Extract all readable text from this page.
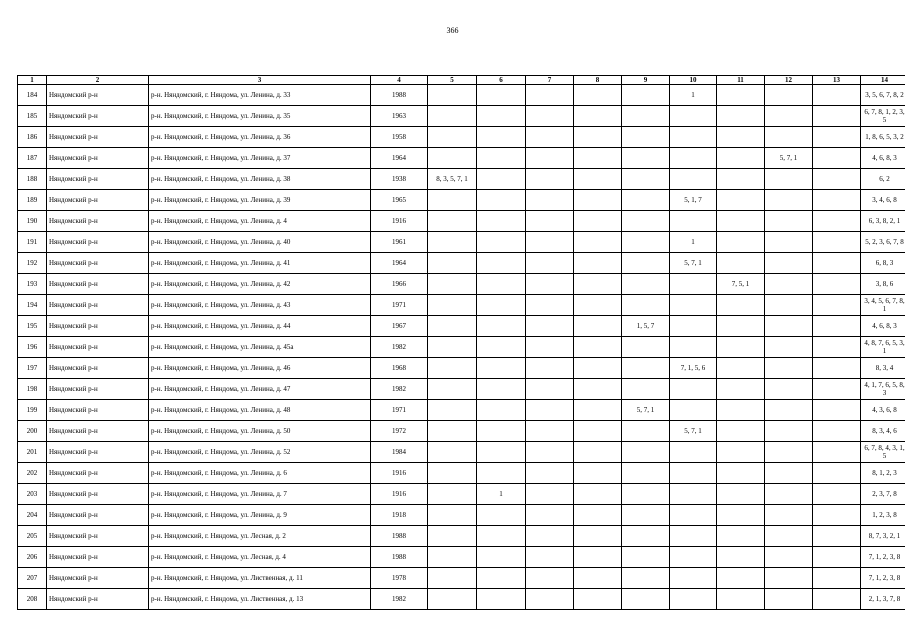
366
1	2	3	4	5	6	7	8	9	10	11	12	13	14
184	Няндомский р-н	р-н. Няндомский, г. Няндома, ул. Ленина, д. 33	1988						1				3, 5, 6, 7, 8, 2
185	Няндомский р-н	р-н. Няндомский, г. Няндома, ул. Ленина, д. 35	1963										6, 7, 8, 1, 2, 3, 5
186	Няндомский р-н	р-н. Няндомский, г. Няндома, ул. Ленина, д. 36	1958										1, 8, 6, 5, 3, 2
187	Няндомский р-н	р-н. Няндомский, г. Няндома, ул. Ленина, д. 37	1964								5, 7, 1		4, 6, 8, 3
188	Няндомский р-н	р-н. Няндомский, г. Няндома, ул. Ленина, д. 38	1938	8, 3, 5, 7, 1									6, 2
189	Няндомский р-н	р-н. Няндомский, г. Няндома, ул. Ленина, д. 39	1965						5, 1, 7				3, 4, 6, 8
190	Няндомский р-н	р-н. Няндомский, г. Няндома, ул. Ленина, д. 4	1916										6, 3, 8, 2, 1
191	Няндомский р-н	р-н. Няндомский, г. Няндома, ул. Ленина, д. 40	1961						1				5, 2, 3, 6, 7, 8
192	Няндомский р-н	р-н. Няндомский, г. Няндома, ул. Ленина, д. 41	1964						5, 7, 1				6, 8, 3
193	Няндомский р-н	р-н. Няндомский, г. Няндома, ул. Ленина, д. 42	1966							7, 5, 1			3, 8, 6
194	Няндомский р-н	р-н. Няндомский, г. Няндома, ул. Ленина, д. 43	1971										3, 4, 5, 6, 7, 8, 1
195	Няндомский р-н	р-н. Няндомский, г. Няндома, ул. Ленина, д. 44	1967					1, 5, 7					4, 6, 8, 3
196	Няндомский р-н	р-н. Няндомский, г. Няндома, ул. Ленина, д. 45а	1982										4, 8, 7, 6, 5, 3, 1
197	Няндомский р-н	р-н. Няндомский, г. Няндома, ул. Ленина, д. 46	1968						7, 1, 5, 6				8, 3, 4
198	Няндомский р-н	р-н. Няндомский, г. Няндома, ул. Ленина, д. 47	1982										4, 1, 7, 6, 5, 8, 3
199	Няндомский р-н	р-н. Няндомский, г. Няндома, ул. Ленина, д. 48	1971					5, 7, 1					4, 3, 6, 8
200	Няндомский р-н	р-н. Няндомский, г. Няндома, ул. Ленина, д. 50	1972						5, 7, 1				8, 3, 4, 6
201	Няндомский р-н	р-н. Няндомский, г. Няндома, ул. Ленина, д. 52	1984										6, 7, 8, 4, 3, 1, 5
202	Няндомский р-н	р-н. Няндомский, г. Няндома, ул. Ленина, д. 6	1916										8, 1, 2, 3
203	Няндомский р-н	р-н. Няндомский, г. Няндома, ул. Ленина, д. 7	1916		1								2, 3, 7, 8
204	Няндомский р-н	р-н. Няндомский, г. Няндома, ул. Ленина, д. 9	1918										1, 2, 3, 8
205	Няндомский р-н	р-н. Няндомский, г. Няндома, ул. Лесная, д. 2	1988										8, 7, 3, 2, 1
206	Няндомский р-н	р-н. Няндомский, г. Няндома, ул. Лесная, д. 4	1988										7, 1, 2, 3, 8
207	Няндомский р-н	р-н. Няндомский, г. Няндома, ул. Лиственная, д. 11	1978										7, 1, 2, 3, 8
208	Няндомский р-н	р-н. Няндомский, г. Няндома, ул. Лиственная, д. 13	1982										2, 1, 3, 7, 8
